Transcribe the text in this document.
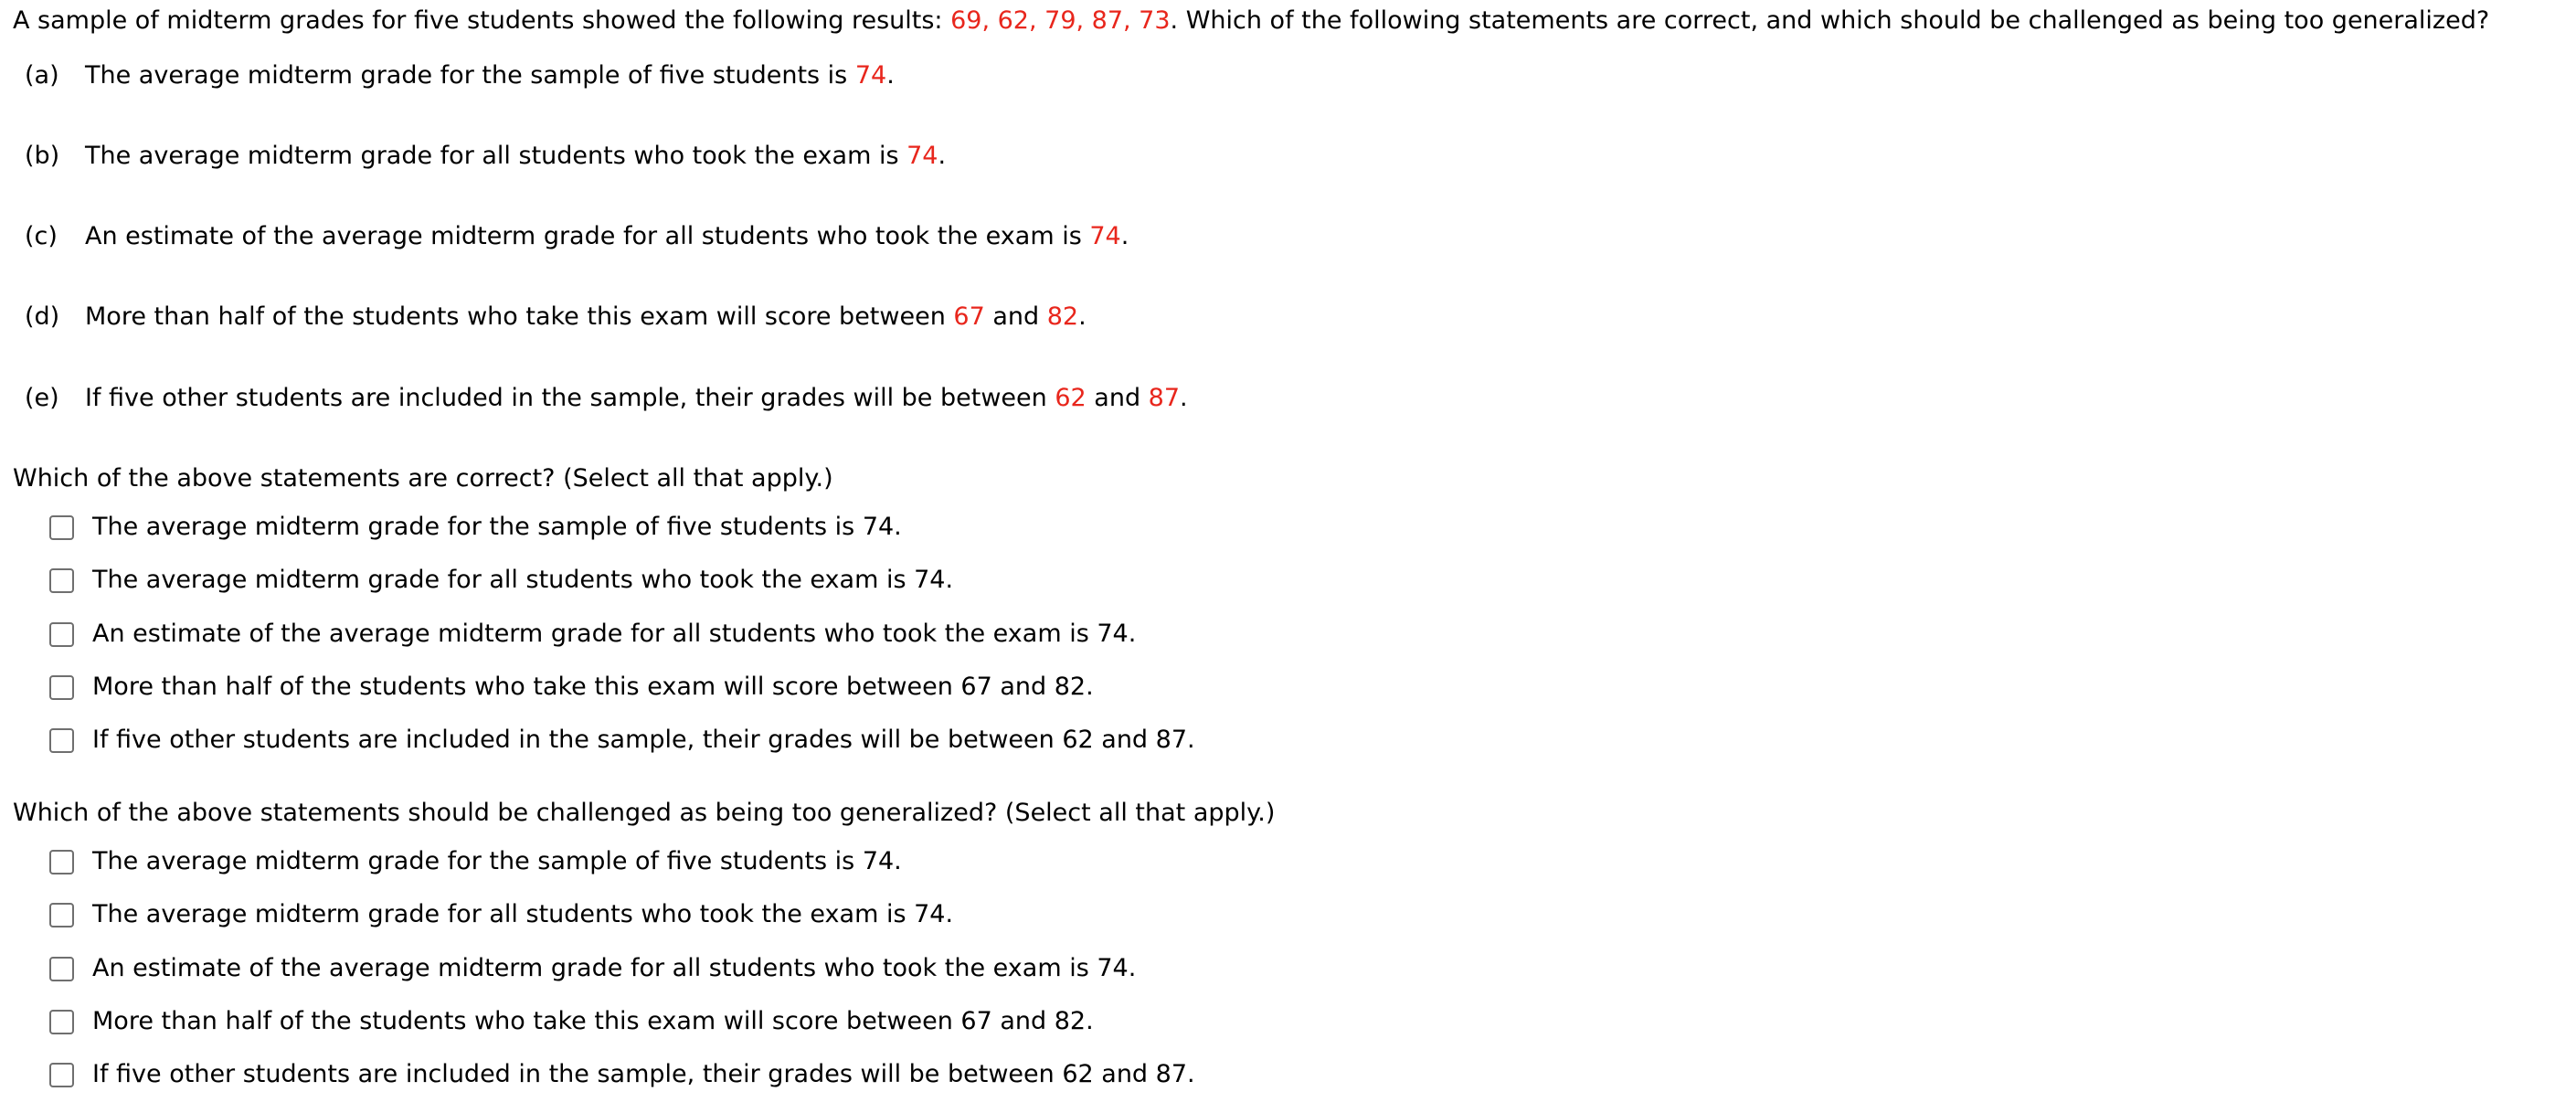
A sample of midterm grades for five students showed the following results: 69, 62, 79, 87, 73. Which of the following statements are correct, and which should be challenged as being too generalized?
(a) The average midterm grade for the sample of five students is 74.
(b) The average midterm grade for all students who took the exam is 74.
(c) An estimate of the average midterm grade for all students who took the exam is 74.
(d) More than half of the students who take this exam will score between 67 and 82.
(e) If five other students are included in the sample, their grades will be between 62 and 87.
Which of the above statements are correct? (Select all that apply.)
The average midterm grade for the sample of five students is 74.
The average midterm grade for all students who took the exam is 74.
An estimate of the average midterm grade for all students who took the exam is 74.
More than half of the students who take this exam will score between 67 and 82.
If five other students are included in the sample, their grades will be between 62 and 87.
Which of the above statements should be challenged as being too generalized? (Select all that apply.)
The average midterm grade for the sample of five students is 74.
The average midterm grade for all students who took the exam is 74.
An estimate of the average midterm grade for all students who took the exam is 74.
More than half of the students who take this exam will score between 67 and 82.
If five other students are included in the sample, their grades will be between 62 and 87.
